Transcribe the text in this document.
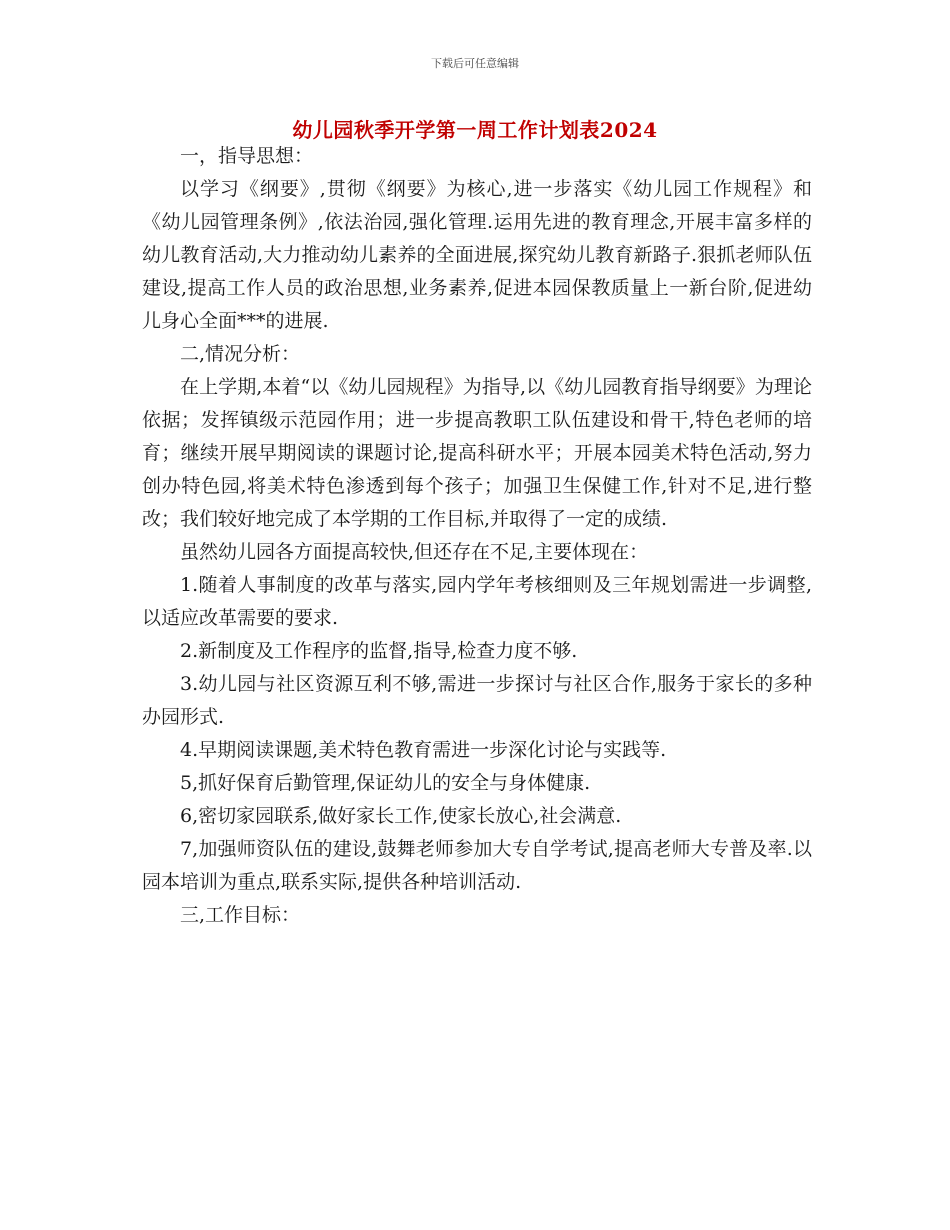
下载后可任意编辑
幼儿园秋季开学第一周工作计划表2024

一，指导思想：

以学习《纲要》,贯彻《纲要》为核心,进一步落实《幼儿园工作规程》和《幼儿园管理条例》,依法治园,强化管理.运用先进的教育理念,开展丰富多样的幼儿教育活动,大力推动幼儿素养的全面进展,探究幼儿教育新路子.狠抓老师队伍建设,提高工作人员的政治思想,业务素养,促进本园保教质量上一新台阶,促进幼儿身心全面***的进展.

二,情况分析：

在上学期,本着“以《幼儿园规程》为指导,以《幼儿园教育指导纲要》为理论依据；发挥镇级示范园作用；进一步提高教职工队伍建设和骨干,特色老师的培育；继续开展早期阅读的课题讨论,提高科研水平；开展本园美术特色活动,努力创办特色园,将美术特色渗透到每个孩子；加强卫生保健工作,针对不足,进行整改；我们较好地完成了本学期的工作目标,并取得了一定的成绩.

虽然幼儿园各方面提高较快,但还存在不足,主要体现在：

1.随着人事制度的改革与落实,园内学年考核细则及三年规划需进一步调整,以适应改革需要的要求.

2.新制度及工作程序的监督,指导,检查力度不够.

3.幼儿园与社区资源互利不够,需进一步探讨与社区合作,服务于家长的多种办园形式.

4.早期阅读课题,美术特色教育需进一步深化讨论与实践等.

5,抓好保育后勤管理,保证幼儿的安全与身体健康.

6,密切家园联系,做好家长工作,使家长放心,社会满意.

7,加强师资队伍的建设,鼓舞老师参加大专自学考试,提高老师大专普及率.以园本培训为重点,联系实际,提供各种培训活动.

三,工作目标：
